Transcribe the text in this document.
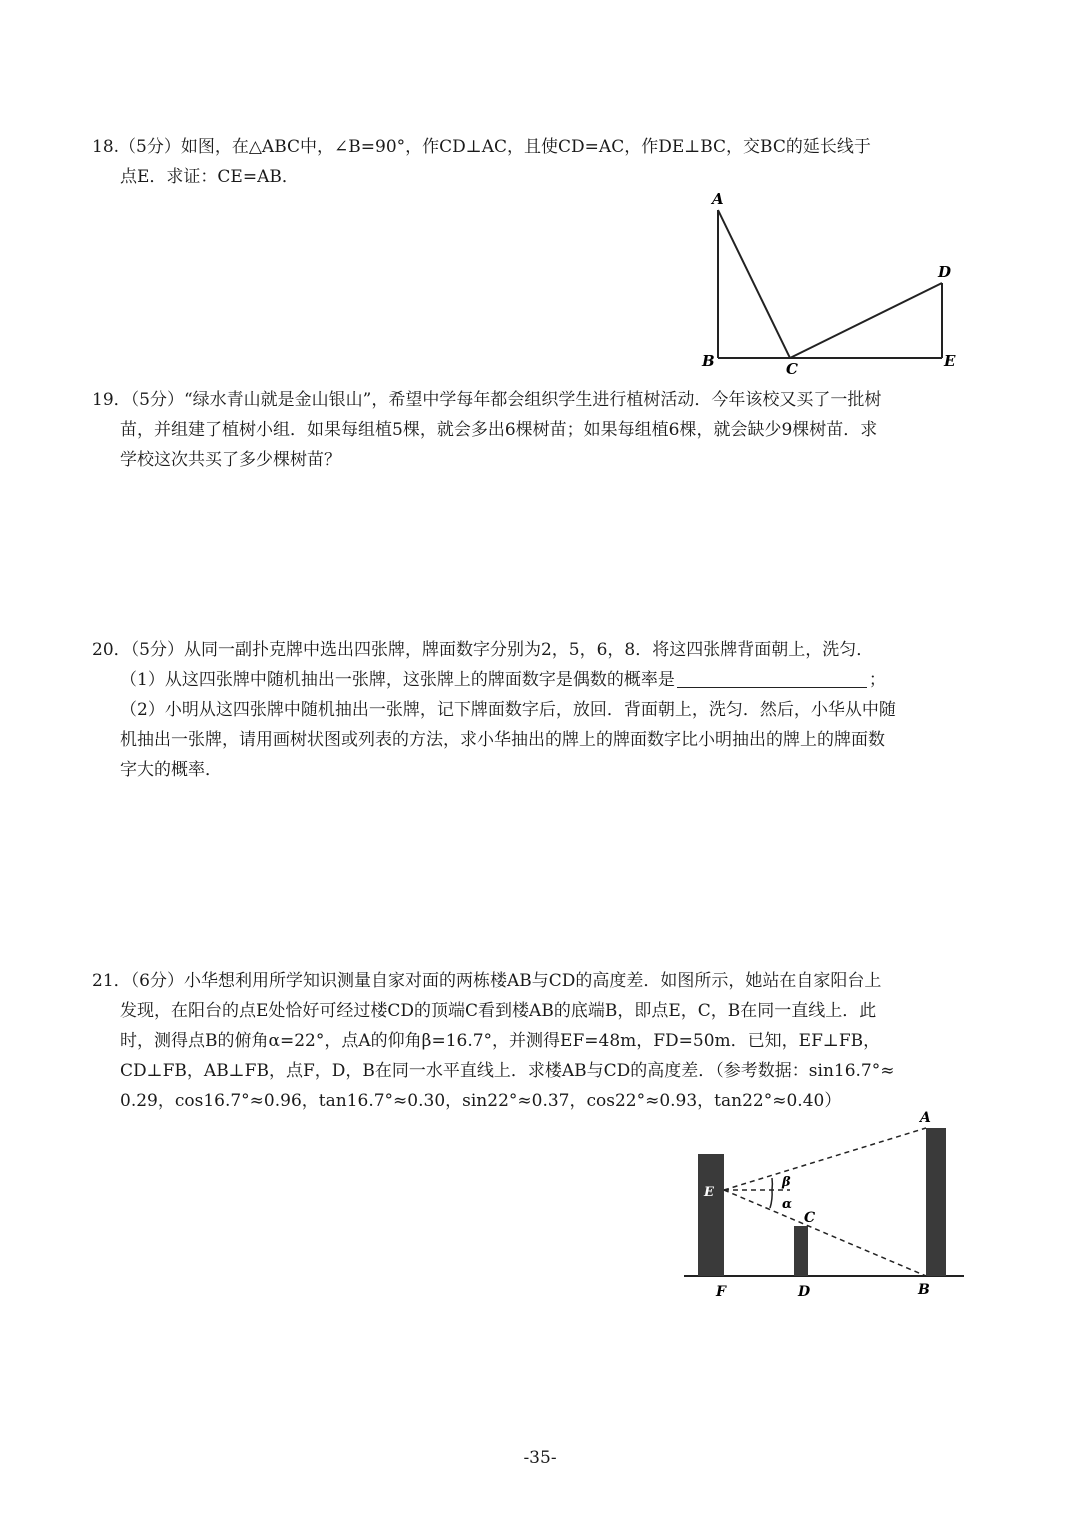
18.（5分）如图，在△ABC中，∠B=90°，作CD⊥AC，且使CD=AC，作DE⊥BC，交BC的延长线于
点E．求证：CE=AB．
A
B	C
D
E
19．（5分）“绿水青山就是金山银山”，希望中学每年都会组织学生进行植树活动．今年该校又买了一批树
苗，并组建了植树小组．如果每组植5棵，就会多出6棵树苗；如果每组植6棵，就会缺少9棵树苗．求
学校这次共买了多少棵树苗？
20．（5分）从同一副扑克牌中选出四张牌，牌面数字分别为2，5，6，8．将这四张牌背面朝上，洗匀．
（1）从这四张牌中随机抽出一张牌，这张牌上的牌面数字是偶数的概率是	；
（2）小明从这四张牌中随机抽出一张牌，记下牌面数字后，放回．背面朝上，洗匀．然后，小华从中随
机抽出一张牌，请用画树状图或列表的方法，求小华抽出的牌上的牌面数字比小明抽出的牌上的牌面数
字大的概率．
21．（6分）小华想利用所学知识测量自家对面的两栋楼AB与CD的高度差．如图所示，她站在自家阳台上
发现，在阳台的点E处恰好可经过楼CD的顶端C看到楼AB的底端B，即点E，C，B在同一直线上．此
时，测得点B的俯角α=22°，点A的仰角β=16.7°，并测得EF=48m，FD=50m．已知，EF⊥FB，
CD⊥FB，AB⊥FB，点F，D，B在同一水平直线上．求楼AB与CD的高度差．（参考数据：sin16.7°≈
0.29，cos16.7°≈0.96，tan16.7°≈0.30，sin22°≈0.37，cos22°≈0.93，tan22°≈0.40）
β
α
E
C
A
F	D	B
-35-
